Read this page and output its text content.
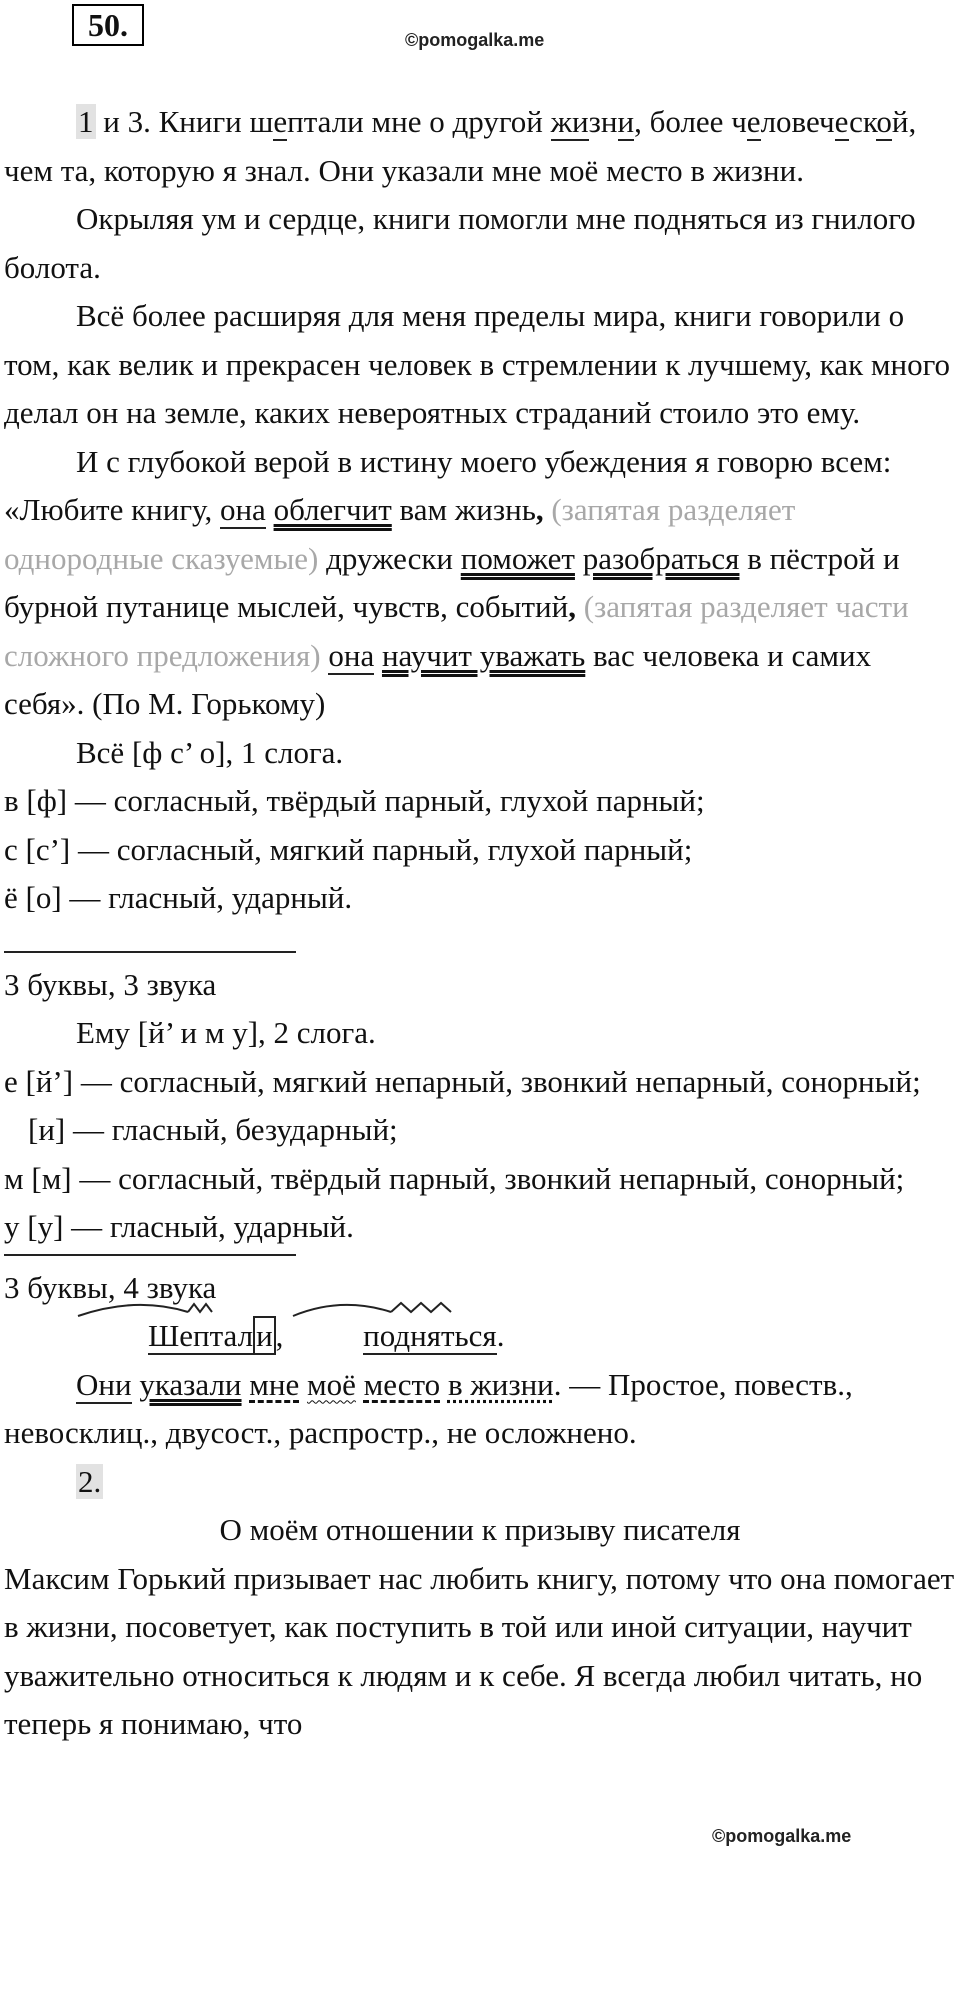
50.	©pomogalka.me

1 и 3. Книги шептали мне о другой жизни, более человеческой, чем та, которую я знал. Они указали мне моё место в жизни.

Окрыляя ум и сердце, книги помогли мне подняться из гнилого болота.

Всё более расширяя для меня пределы мира, книги говорили о том, как велик и прекрасен человек в стремлении к лучшему, как много делал он на земле, каких невероятных страданий стоило это ему.

И с глубокой верой в истину моего убеждения я говорю всем: «Любите книгу, она облегчит вам жизнь, (запятая разделяет однородные сказуемые) дружески поможет разобраться в пёстрой и бурной путанице мыслей, чувств, событий, (запятая разделяет части сложного предложения) она научит уважать вас человека и самих себя». (По М. Горькому)

Всё [ф с’ о], 1 слога.

в [ф] — согласный, твёрдый парный, глухой парный;

с [с’] — согласный, мягкий парный, глухой парный;

ё [о] — гласный, ударный.

3 буквы, 3 звука

Ему [й’ и м у], 2 слога.

е [й’] — согласный, мягкий непарный, звонкий непарный, сонорный;

[и] — гласный, безударный;

м [м] — согласный, твёрдый парный, звонкий непарный, сонорный;

у [у] — гласный, ударный.

3 буквы, 4 звука

Шептали,
подняться.

Они указали мне моё место в жизни. — Простое, повеств., невосклиц., двусост., распростр., не осложнено.

2.

О моём отношении к призыву писателя

Максим Горький призывает нас любить книгу, потому что она помогает в жизни, посоветует, как поступить в той или иной ситуации, научит уважительно относиться к людям и к себе. Я всегда любил читать, но теперь я понимаю, что

©pomogalka.me
